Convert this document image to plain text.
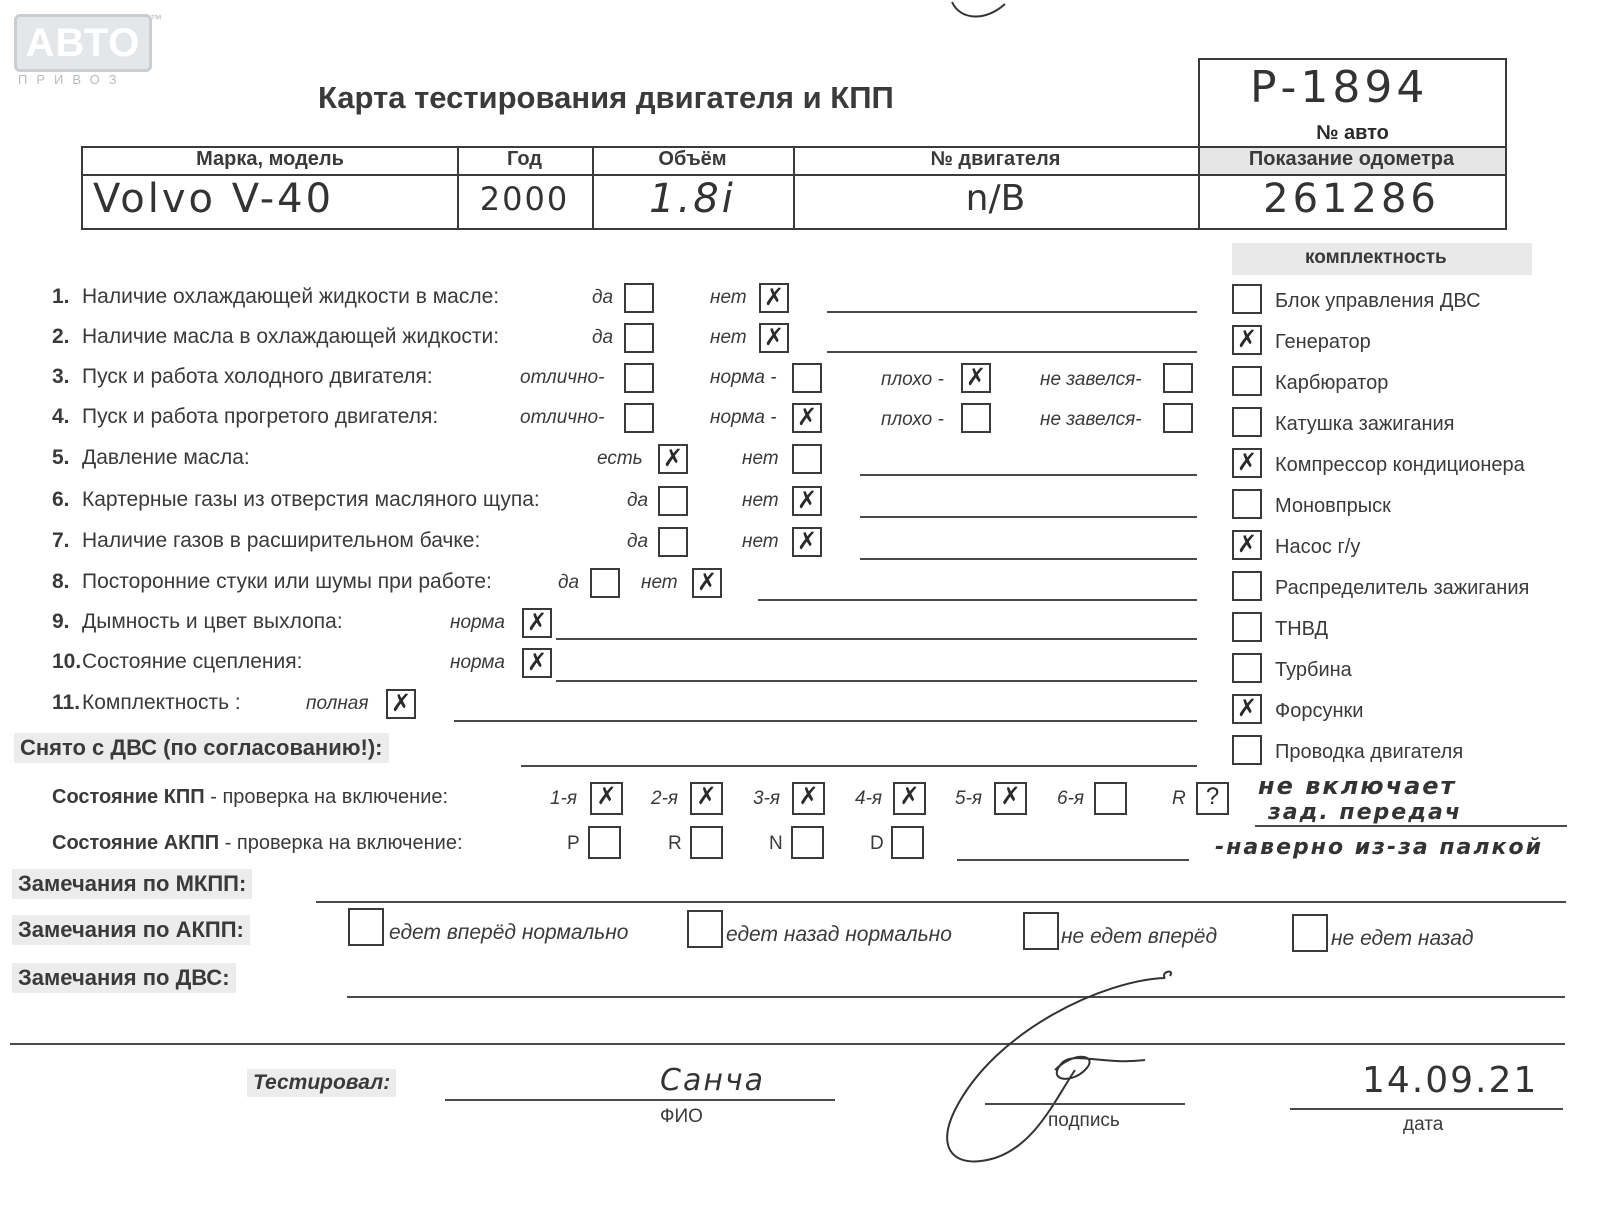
АВТО
ПРИВОЗ
™
Карта тестирования двигателя и КПП	Р-1894
№ авто
Марка, модель	Год	Объём	№ двигателя	Показание одометра
Volvo V-40	2000	1.8i	n/B	261286
комплектность
Блок управления ДВС
✗ Генератор
Карбюратор
Катушка зажигания
✗ Компрессор кондиционера
Моновпрыск
✗ Насос г/у
Распределитель зажигания
ТНВД
Турбина
✗ Форсунки
Проводка двигателя
1. Наличие охлаждающей жидкости в масле:	да	нет ✗
2. Наличие масла в охлаждающей жидкости:	да	нет ✗
3. Пуск и работа холодного двигателя:	отлично-	норма -	плохо - ✗	не завелся-
4. Пуск и работа прогретого двигателя:	отлично-	норма - ✗	плохо -	не завелся-
5. Давление масла:	есть ✗	нет
6. Картерные газы из отверстия масляного щупа:	да	нет ✗
7. Наличие газов в расширительном бачке:	да	нет ✗
8. Посторонние стуки или шумы при работе:	да	нет ✗
9. Дымность и цвет выхлопа:	норма ✗
10.Состояние сцепления:	норма ✗
11.Комплектность :	полная ✗
Снято с ДВС (по согласованию!):
Состояние КПП - проверка на включение:	1-я ✗	2-я ✗	3-я ✗	4-я ✗	5-я ✗	6-я	R ?	не включает
зад. передач
Состояние АКПП - проверка на включение:	P	R	N	D	-наверно из-за палкой
Замечания по МКПП:
Замечания по АКПП:	едет вперёд нормально	едет назад нормально	не едет вперёд	не едет назад
Замечания по ДВС:
Тестировал:	Санча
ФИО	подпись
14.09.21
дата
